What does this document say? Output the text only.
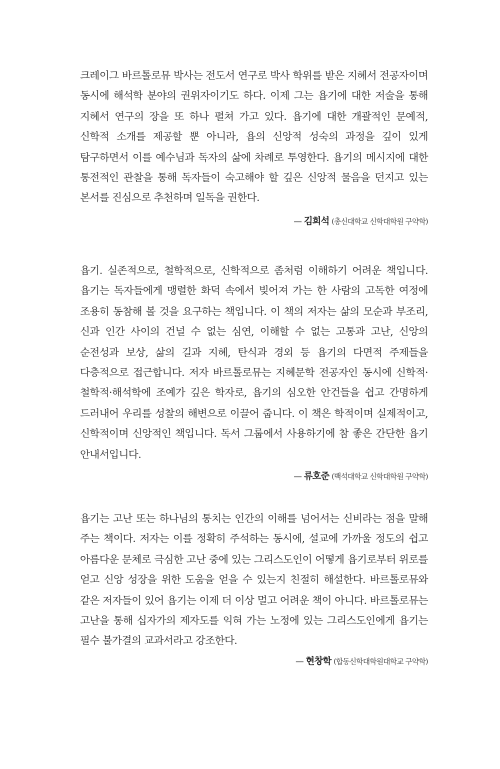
크레이그 바르톨로뮤 박사는 전도서 연구로 박사 학위를 받은 지혜서 전공자이며 동시에 해석학 분야의 권위자이기도 하다. 이제 그는 욥기에 대한 저술을 통해 지혜서 연구의 장을 또 하나 펼쳐 가고 있다. 욥기에 대한 개괄적인 문예적, 신학적 소개를 제공할 뿐 아니라, 욥의 신앙적 성숙의 과정을 깊이 있게 탐구하면서 이를 예수님과 독자의 삶에 차례로 투영한다. 욥기의 메시지에 대한 통전적인 관찰을 통해 독자들이 숙고해야 할 깊은 신앙적 물음을 던지고 있는 본서를 진심으로 추천하며 일독을 권한다.

— 김희석 (총신대학교 신학대학원 구약학)

욥기. 실존적으로, 철학적으로, 신학적으로 좀처럼 이해하기 어려운 책입니다. 욥기는 독자들에게 맹렬한 화덕 속에서 빚어져 가는 한 사람의 고독한 여정에 조용히 동참해 볼 것을 요구하는 책입니다. 이 책의 저자는 삶의 모순과 부조리, 신과 인간 사이의 건널 수 없는 심연, 이해할 수 없는 고통과 고난, 신앙의 순전성과 보상, 삶의 길과 지혜, 탄식과 경외 등 욥기의 다면적 주제들을 다층적으로 접근합니다. 저자 바르톨로뮤는 지혜문학 전공자인 동시에 신학적·철학적·해석학에 조예가 깊은 학자로, 욥기의 심오한 안건들을 쉽고 간명하게 드러내어 우리를 성찰의 해변으로 이끌어 줍니다. 이 책은 학적이며 실제적이고, 신학적이며 신앙적인 책입니다. 독서 그룹에서 사용하기에 참 좋은 간단한 욥기 안내서입니다.

— 류호준 (백석대학교 신학대학원 구약학)

욥기는 고난 또는 하나님의 통치는 인간의 이해를 넘어서는 신비라는 점을 말해 주는 책이다. 저자는 이를 정확히 주석하는 동시에, 설교에 가까울 정도의 쉽고 아름다운 문체로 극심한 고난 중에 있는 그리스도인이 어떻게 욥기로부터 위로를 얻고 신앙 성장을 위한 도움을 얻을 수 있는지 친절히 해설한다. 바르톨로뮤와 같은 저자들이 있어 욥기는 이제 더 이상 멀고 어려운 책이 아니다. 바르톨로뮤는 고난을 통해 십자가의 제자도를 익혀 가는 노정에 있는 그리스도인에게 욥기는 필수 불가결의 교과서라고 강조한다.

— 현창학 (합동신학대학원대학교 구약학)
